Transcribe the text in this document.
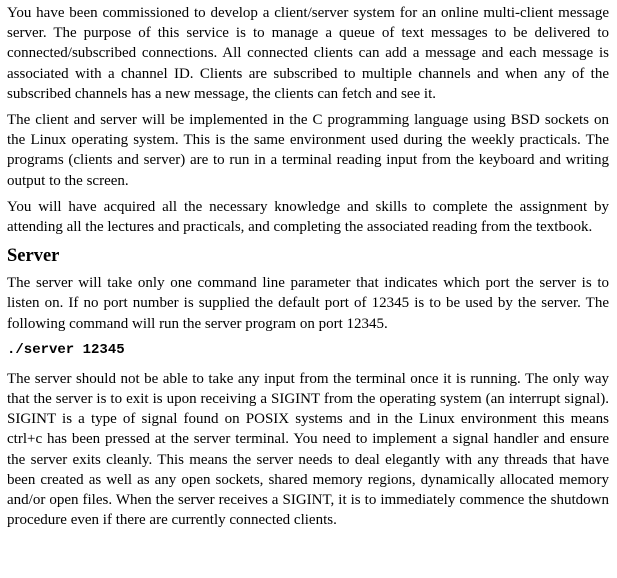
You have been commissioned to develop a client/server system for an online multi-client message server. The purpose of this service is to manage a queue of text messages to be delivered to connected/subscribed connections. All connected clients can add a message and each message is associated with a channel ID. Clients are subscribed to multiple channels and when any of the subscribed channels has a new message, the clients can fetch and see it.

The client and server will be implemented in the C programming language using BSD sockets on the Linux operating system. This is the same environment used during the weekly practicals. The programs (clients and server) are to run in a terminal reading input from the keyboard and writing output to the screen.

You will have acquired all the necessary knowledge and skills to complete the assignment by attending all the lectures and practicals, and completing the associated reading from the textbook.

Server

The server will take only one command line parameter that indicates which port the server is to listen on. If no port number is supplied the default port of 12345 is to be used by the server. The following command will run the server program on port 12345.

./server 12345

The server should not be able to take any input from the terminal once it is running. The only way that the server is to exit is upon receiving a SIGINT from the operating system (an interrupt signal). SIGINT is a type of signal found on POSIX systems and in the Linux environment this means ctrl+c has been pressed at the server terminal. You need to implement a signal handler and ensure the server exits cleanly. This means the server needs to deal elegantly with any threads that have been created as well as any open sockets, shared memory regions, dynamically allocated memory and/or open files. When the server receives a SIGINT, it is to immediately commence the shutdown procedure even if there are currently connected clients.
